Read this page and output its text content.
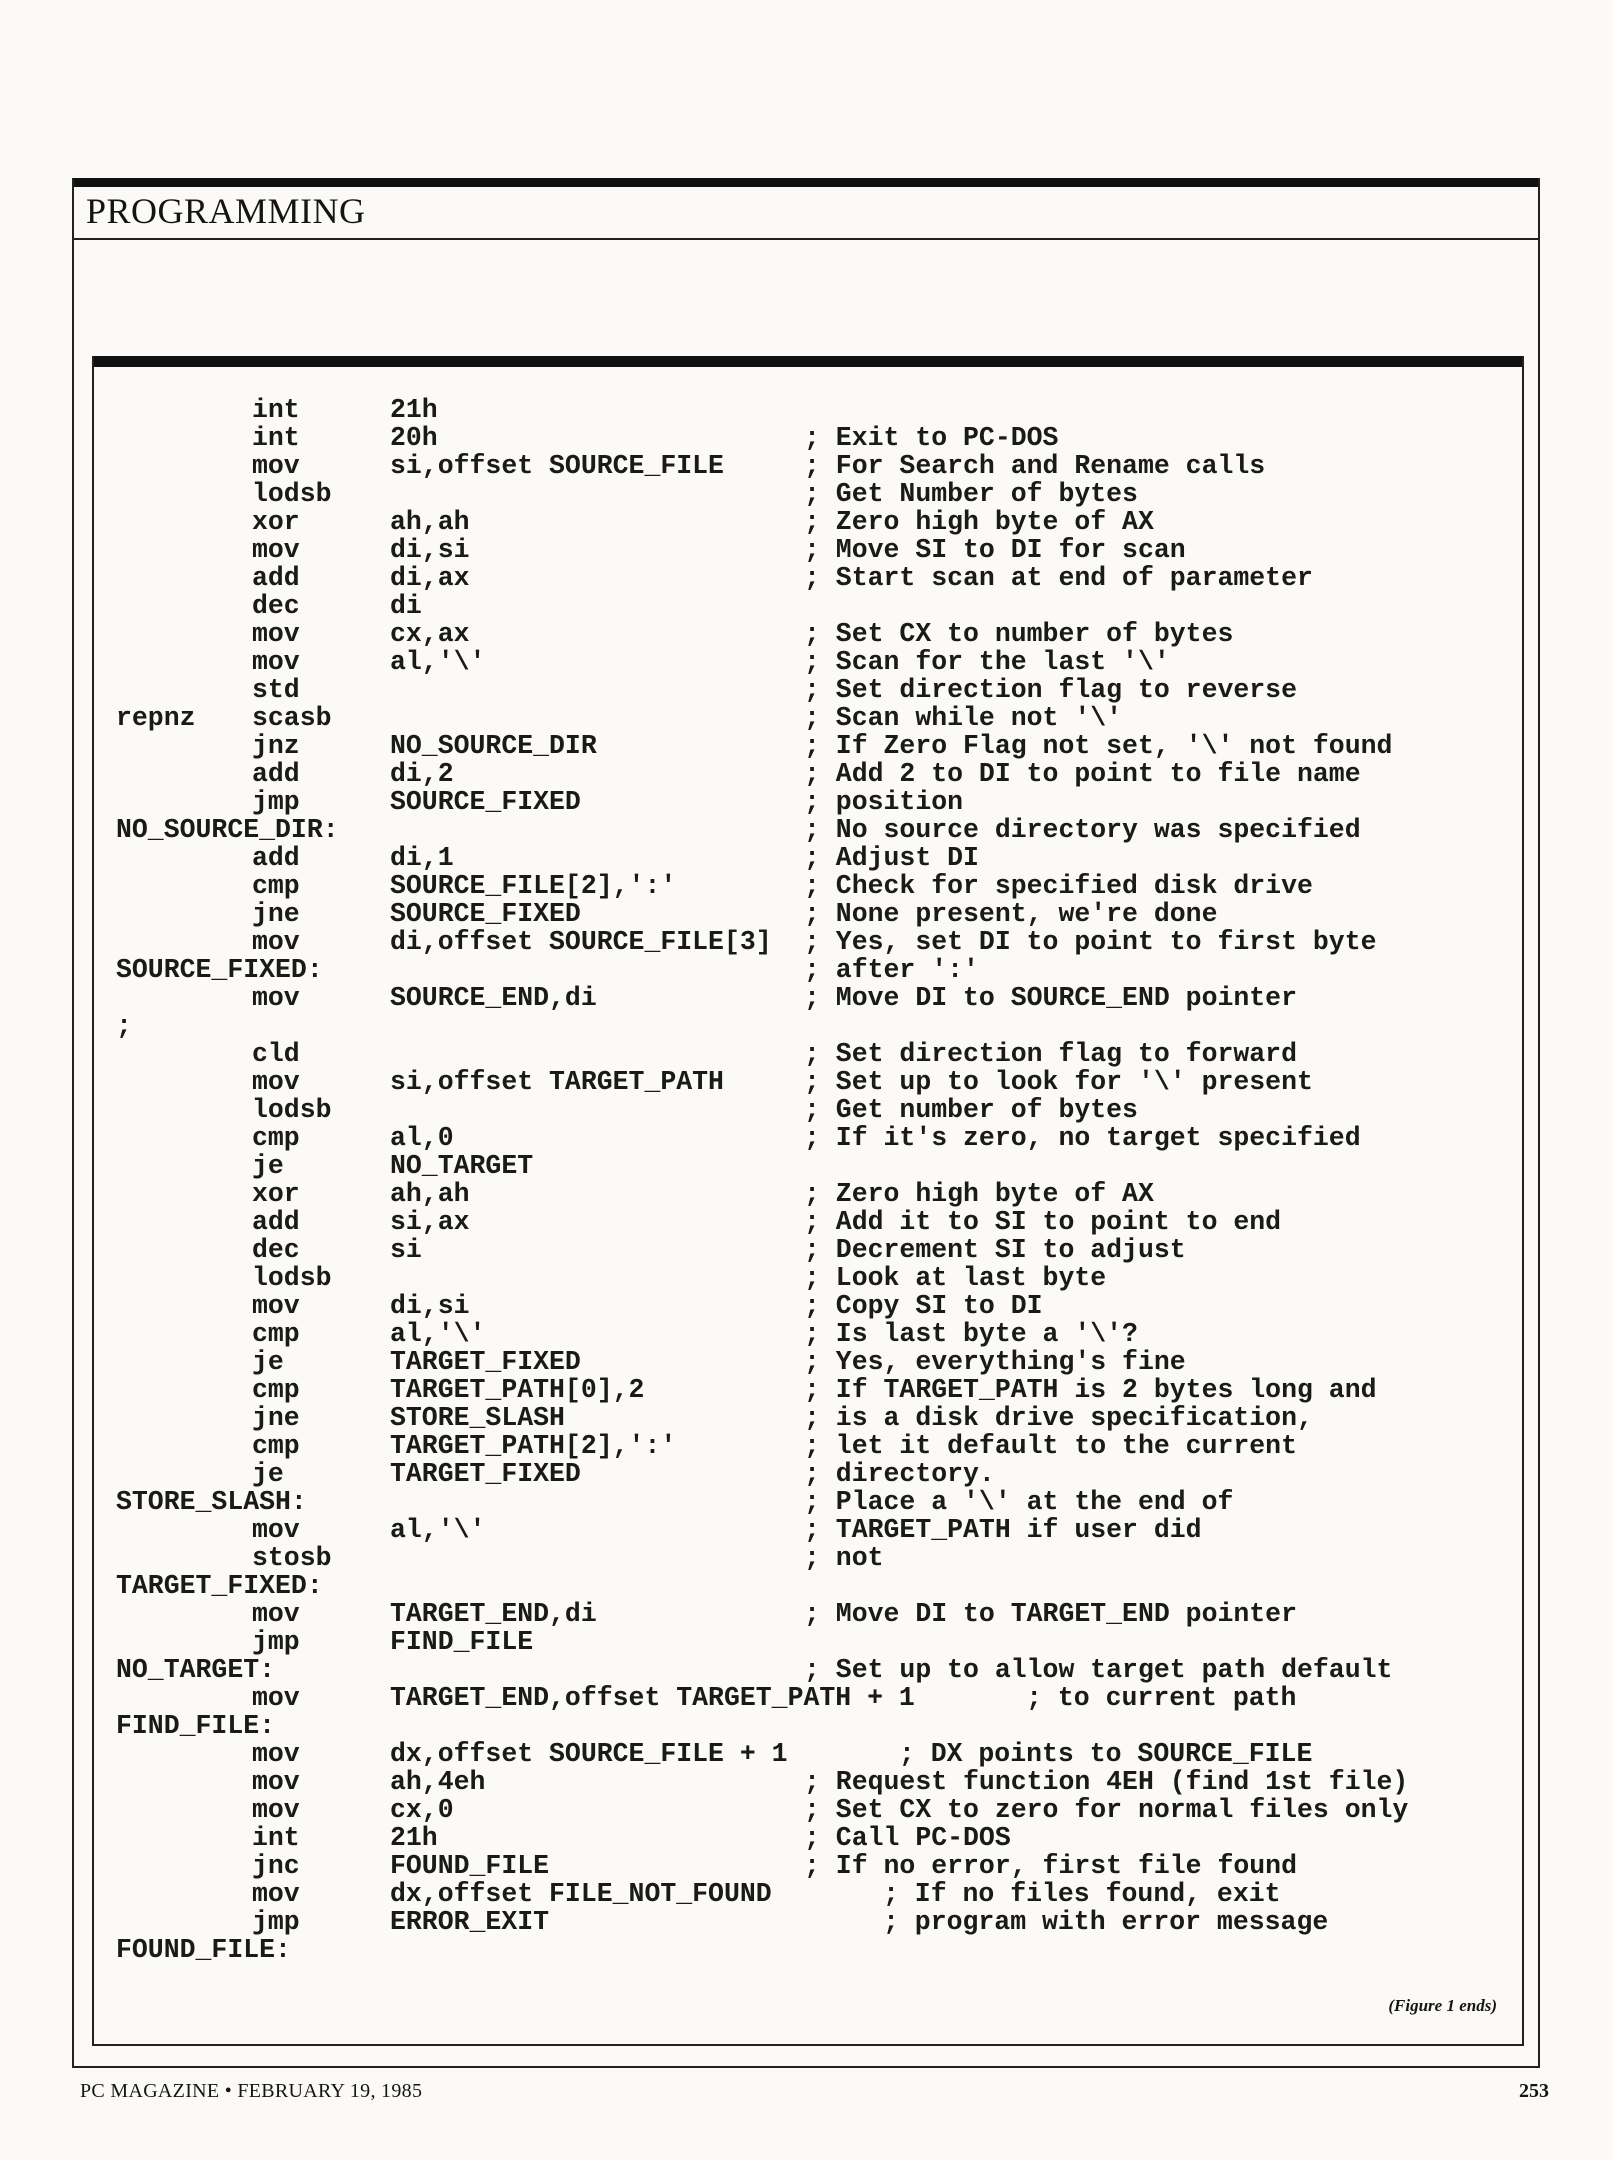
PROGRAMMING
int	21h
int	20h	; Exit to PC-DOS
mov	si,offset SOURCE_FILE	; For Search and Rename calls
lodsb	; Get Number of bytes
xor	ah,ah	; Zero high byte of AX
mov	di,si	; Move SI to DI for scan
add	di,ax	; Start scan at end of parameter
dec	di
mov	cx,ax	; Set CX to number of bytes
mov	al,'\'	; Scan for the last '\'
std	; Set direction flag to reverse
repnz scasb	; Scan while not '\'
jnz	NO_SOURCE_DIR	; If Zero Flag not set, '\' not found
add	di,2	; Add 2 to DI to point to file name
jmp	SOURCE_FIXED	; position
NO_SOURCE_DIR:	; No source directory was specified
add	di,1	; Adjust DI
cmp	SOURCE_FILE[2],':'	; Check for specified disk drive
jne	SOURCE_FIXED	; None present, we're done
mov	di,offset SOURCE_FILE[3] ; Yes, set DI to point to first byte
SOURCE_FIXED:	; after ':'
mov	SOURCE_END,di	; Move DI to SOURCE_END pointer
;
cld	; Set direction flag to forward
mov	si,offset TARGET_PATH	; Set up to look for '\' present
lodsb	; Get number of bytes
cmp	al,0	; If it's zero, no target specified
je	NO_TARGET
xor	ah,ah	; Zero high byte of AX
add	si,ax	; Add it to SI to point to end
dec	si	; Decrement SI to adjust
lodsb	; Look at last byte
mov	di,si	; Copy SI to DI
cmp	al,'\'	; Is last byte a '\'?
je	TARGET_FIXED	; Yes, everything's fine
cmp	TARGET_PATH[0],2	; If TARGET_PATH is 2 bytes long and
jne	STORE_SLASH	; is a disk drive specification,
cmp	TARGET_PATH[2],':'	; let it default to the current
je	TARGET_FIXED	; directory.
STORE_SLASH:	; Place a '\' at the end of
mov	al,'\'	; TARGET_PATH if user did
stosb	; not
TARGET_FIXED:
mov	TARGET_END,di	; Move DI to TARGET_END pointer
jmp	FIND_FILE
NO_TARGET:	; Set up to allow target path default
mov	TARGET_END,offset TARGET_PATH + 1       ; to current path
FIND_FILE:
mov	dx,offset SOURCE_FILE + 1       ; DX points to SOURCE_FILE
mov	ah,4eh	; Request function 4EH (find 1st file)
mov	cx,0	; Set CX to zero for normal files only
int	21h	; Call PC-DOS
jnc	FOUND_FILE	; If no error, first file found
mov	dx,offset FILE_NOT_FOUND       ; If no files found, exit
jmp	ERROR_EXIT                     ; program with error message
FOUND_FILE:
(Figure 1 ends)
PC MAGAZINE • FEBRUARY 19, 1985	253
